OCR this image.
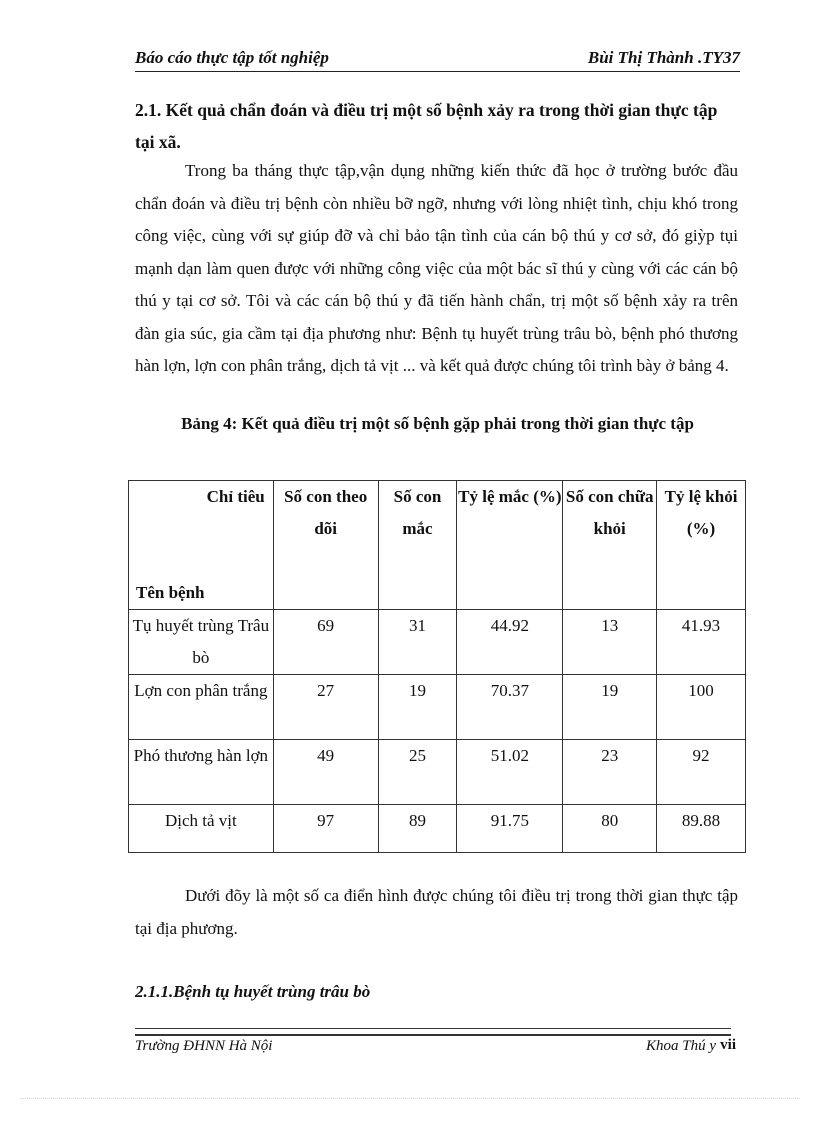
Báo cáo thực tập tốt nghiệp	Bùi Thị Thành .TY37
2.1. Kết quả chẩn đoán và điều trị một số bệnh xảy ra trong thời gian thực tập tại xã.
Trong ba tháng thực tập,vận dụng những kiến thức đã học ở trường bước đầu chẩn đoán và điều trị bệnh còn nhiều bỡ ngỡ, nhưng với lòng nhiệt tình, chịu khó trong công việc, cùng với sự giúp đỡ và chỉ bảo tận tình của cán bộ thú y cơ sở, đó giỳp tụi mạnh dạn làm quen được với những công việc của một bác sĩ thú y cùng với các cán bộ thú y tại cơ sở. Tôi và các cán bộ thú y đã tiến hành chẩn, trị một số bệnh xảy ra trên đàn gia súc, gia cầm tại địa phương như: Bệnh tụ huyết trùng trâu bò, bệnh phó thương hàn lợn, lợn con phân trắng, dịch tả vịt ... và kết quả được chúng tôi trình bày ở bảng 4.
Bảng 4: Kết quả điều trị một số bệnh gặp phải trong thời gian thực tập
Chỉ tiêu
Tên bệnh	Số con theo dõi	Số con mắc	Tỷ lệ mắc (%)	Số con chữa khỏi	Tỷ lệ khỏi (%)
Tụ huyết trùng Trâu bò	69	31	44.92	13	41.93
Lợn con phân trắng	27	19	70.37	19	100
Phó thương hàn lợn	49	25	51.02	23	92
Dịch tả vịt	97	89	91.75	80	89.88
Dưới đõy là một số ca điển hình được chúng tôi điều trị trong thời gian thực tập tại địa phương.
2.1.1.Bệnh tụ huyết trùng trâu bò
Trường ĐHNN Hà Nội	Khoa Thú y vii
